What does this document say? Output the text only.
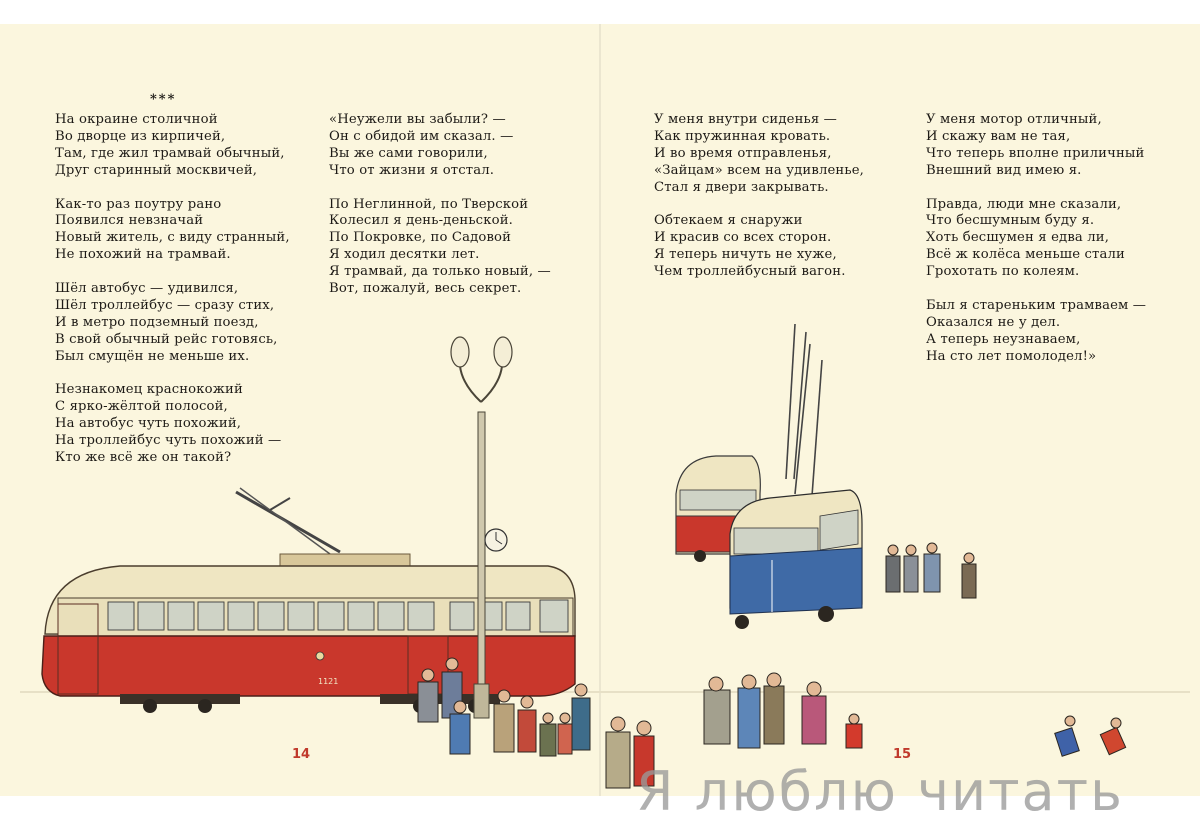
1121
***
На окраине столичной
Во дворце из кирпичей,
Там, где жил трамвай обычный,
Друг старинный москвичей,
Как-то раз поутру рано
Появился невзначай
Новый житель, с виду странный,
Не похожий на трамвай.
Шёл автобус — удивился,
Шёл троллейбус — сразу стих,
И в метро подземный поезд,
В свой обычный рейс готовясь,
Был смущён не меньше их.
Незнакомец краснокожий
С ярко-жёлтой полосой,
На автобус чуть похожий,
На троллейбус чуть похожий —
Кто же всё же он такой?
«Неужели вы забыли? —
Он с обидой им сказал. —
Вы же сами говорили,
Что от жизни я отстал.
По Неглинной, по Тверской
Колесил я день-деньской.
По Покровке, по Садовой
Я ходил десятки лет.
Я трамвай, да только новый, —
Вот, пожалуй, весь секрет.
У меня внутри сиденья —
Как пружинная кровать.
И во время отправленья,
«Зайцам» всем на удивленье,
Стал я двери закрывать.
Обтекаем я снаружи
И красив со всех сторон.
Я теперь ничуть не хуже,
Чем троллейбусный вагон.
У меня мотор отличный,
И скажу вам не тая,
Что теперь вполне приличный
Внешний вид имею я.
Правда, люди мне сказали,
Что бесшумным буду я.
Хоть бесшумен я едва ли,
Всё ж колёса меньше стали
Грохотать по колеям.
Был я стареньким трамваем —
Оказался не у дел.
А теперь неузнаваем,
На сто лет помолодел!»
14	15
Я люблю читать
